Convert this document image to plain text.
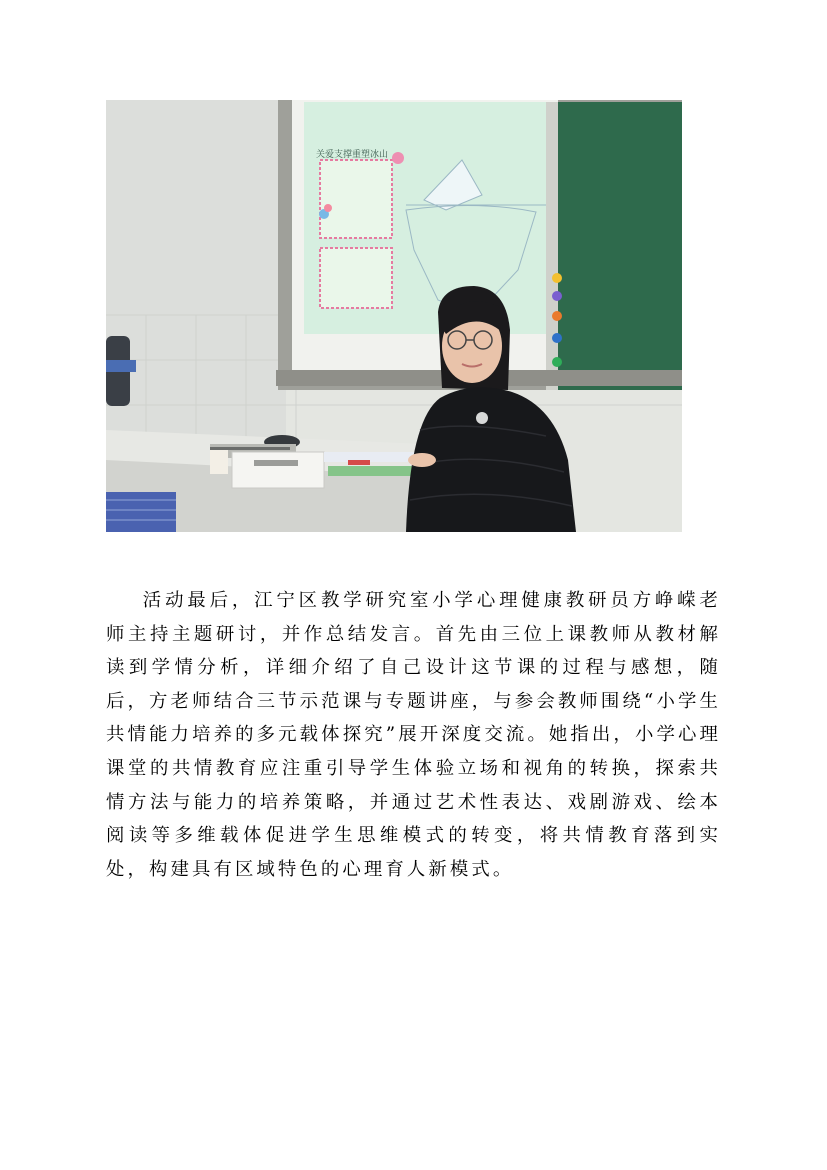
关爱支撑重塑冰山

活动最后，江宁区教学研究室小学心理健康教研员方峥嵘老师主持主题研讨，并作总结发言。首先由三位上课教师从教材解读到学情分析，详细介绍了自己设计这节课的过程与感想，随后，方老师结合三节示范课与专题讲座，与参会教师围绕“小学生共情能力培养的多元载体探究”展开深度交流。她指出，小学心理课堂的共情教育应注重引导学生体验立场和视角的转换，探索共情方法与能力的培养策略，并通过艺术性表达、戏剧游戏、绘本阅读等多维载体促进学生思维模式的转变，将共情教育落到实处，构建具有区域特色的心理育人新模式。
